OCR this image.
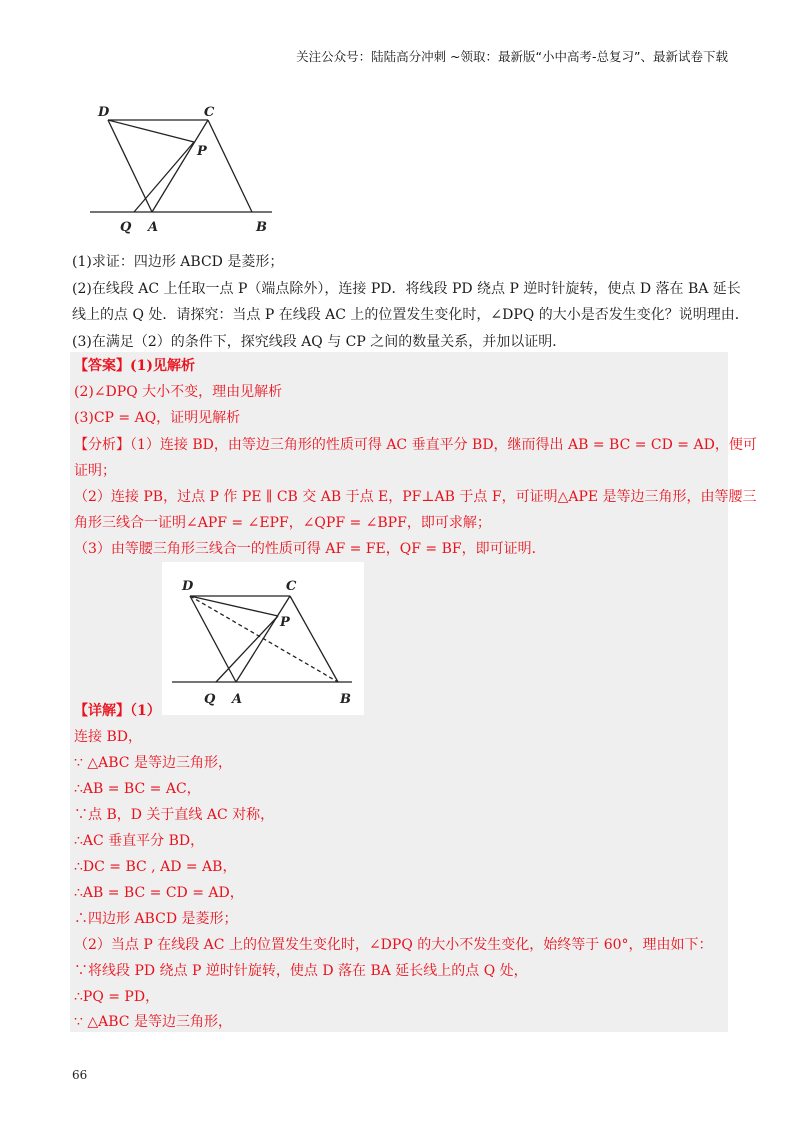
关注公众号：陆陆高分冲刺 ~领取：最新版“小中高考-总复习”、最新试卷下载
D	C
P
Q A	B
(1)求证：四边形 ABCD 是菱形；
(2)在线段 AC 上任取一点 P（端点除外），连接 PD．将线段 PD 绕点 P 逆时针旋转，使点 D 落在 BA 延长
线上的点 Q 处．请探究：当点 P 在线段 AC 上的位置发生变化时，∠DPQ 的大小是否发生变化？说明理由．
(3)在满足（2）的条件下，探究线段 AQ 与 CP 之间的数量关系，并加以证明．
【答案】(1)见解析
(2)∠DPQ 大小不变，理由见解析
(3)CP = AQ，证明见解析
【分析】（1）连接 BD，由等边三角形的性质可得 AC 垂直平分 BD，继而得出 AB = BC = CD = AD，便可
证明；
（2）连接 PB，过点 P 作 PE ∥ CB 交 AB 于点 E，PF⊥AB 于点 F，可证明△APE 是等边三角形，由等腰三
角形三线合一证明∠APF = ∠EPF，∠QPF = ∠BPF，即可求解；
（3）由等腰三角形三线合一的性质可得 AF = FE，QF = BF，即可证明．
D	C
P
Q A	B
【详解】（1）
连接 BD，
∵ △ABC 是等边三角形，
∴AB = BC = AC，
∵点 B，D 关于直线 AC 对称，
∴AC 垂直平分 BD，
∴DC = BC , AD = AB，
∴AB = BC = CD = AD，
∴四边形 ABCD 是菱形；
（2）当点 P 在线段 AC 上的位置发生变化时，∠DPQ 的大小不发生变化，始终等于 60°，理由如下：
∵将线段 PD 绕点 P 逆时针旋转，使点 D 落在 BA 延长线上的点 Q 处，
∴PQ = PD，
∵ △ABC 是等边三角形，
66
